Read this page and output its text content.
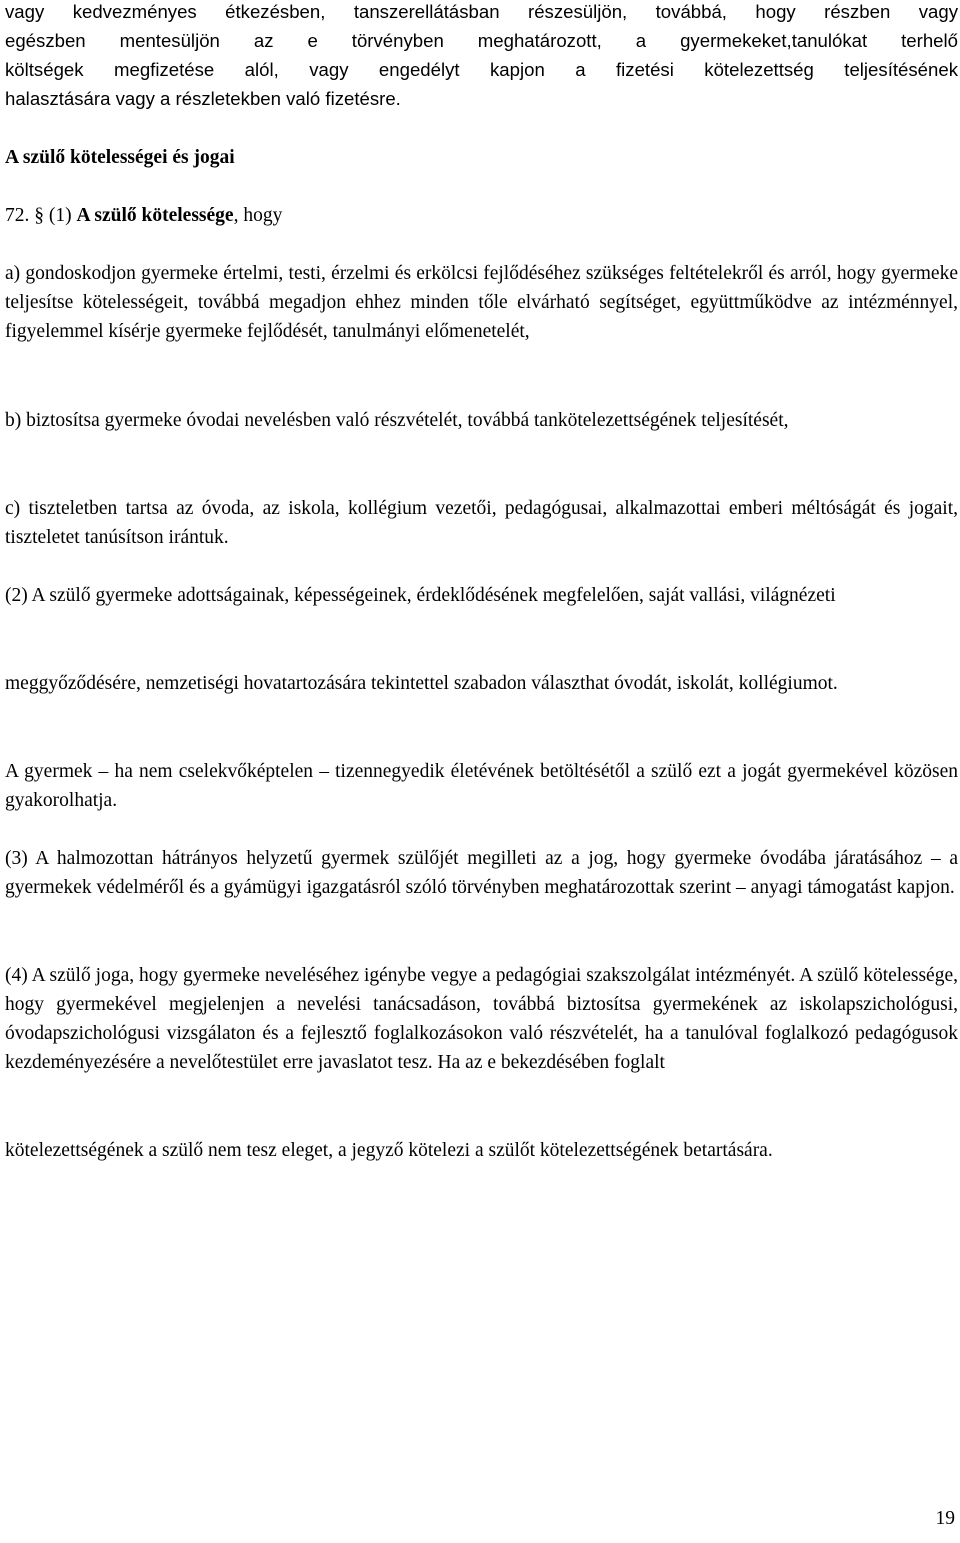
vagy kedvezményes étkezésben, tanszerellátásban részesüljön, továbbá, hogy részben vagy
egészben mentesüljön az e törvényben meghatározott, a gyermekeket,tanulókat terhelő
költségek megfizetése alól, vagy engedélyt kapjon a fizetési kötelezettség teljesítésének
halasztására vagy a részletekben való fizetésre.
A szülő kötelességei és jogai
72. § (1) A szülő kötelessége, hogy
a) gondoskodjon gyermeke értelmi, testi, érzelmi és erkölcsi fejlődéséhez szükséges feltételekről és arról, hogy gyermeke teljesítse kötelességeit, továbbá megadjon ehhez minden tőle elvárható segítséget, együttműködve az intézménnyel, figyelemmel kísérje gyermeke fejlődését, tanulmányi előmenetelét,
b) biztosítsa gyermeke óvodai nevelésben való részvételét, továbbá tankötelezettségének teljesítését,
c) tiszteletben tartsa az óvoda, az iskola, kollégium vezetői, pedagógusai, alkalmazottai emberi méltóságát és jogait, tiszteletet tanúsítson irántuk.
(2) A szülő gyermeke adottságainak, képességeinek, érdeklődésének megfelelően, saját vallási, világnézeti
meggyőződésére, nemzetiségi hovatartozására tekintettel szabadon választhat óvodát, iskolát, kollégiumot.
A gyermek – ha nem cselekvőképtelen – tizennegyedik életévének betöltésétől a szülő ezt a jogát gyermekével közösen gyakorolhatja.
(3) A halmozottan hátrányos helyzetű gyermek szülőjét megilleti az a jog, hogy gyermeke óvodába járatásához – a gyermekek védelméről és a gyámügyi igazgatásról szóló törvényben meghatározottak szerint – anyagi támogatást kapjon.
(4) A szülő joga, hogy gyermeke neveléséhez igénybe vegye a pedagógiai szakszolgálat intézményét. A szülő kötelessége, hogy gyermekével megjelenjen a nevelési tanácsadáson, továbbá biztosítsa gyermekének az iskolapszichológusi, óvodapszichológusi vizsgálaton és a fejlesztő foglalkozásokon való részvételét, ha a tanulóval foglalkozó pedagógusok kezdeményezésére a nevelőtestület erre javaslatot tesz. Ha az e bekezdésében foglalt
kötelezettségének a szülő nem tesz eleget, a jegyző kötelezi a szülőt kötelezettségének betartására.
19
